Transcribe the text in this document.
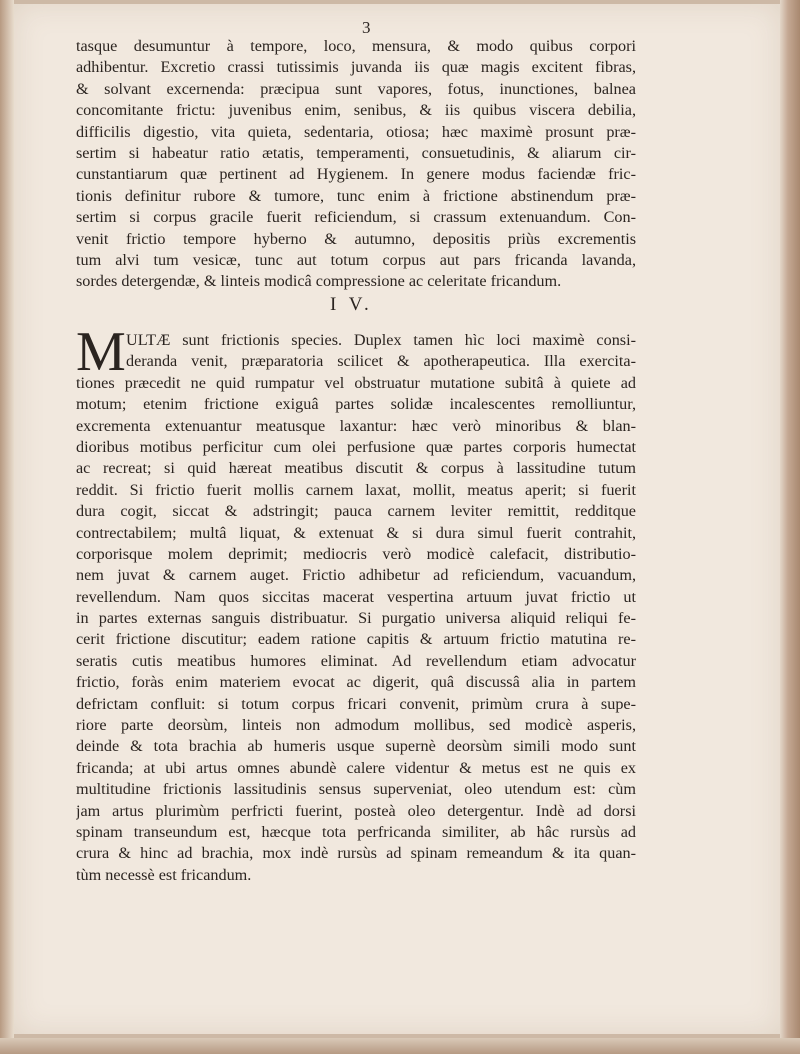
3
tasque desumuntur à tempore, loco, mensura, & modo quibus corpori
adhibentur. Excretio crassi tutissimis juvanda iis quæ magis excitent fibras,
& solvant excernenda: præcipua sunt vapores, fotus, inunctiones, balnea
concomitante frictu: juvenibus enim, senibus, & iis quibus viscera debilia,
difficilis digestio, vita quieta, sedentaria, otiosa; hæc maximè prosunt præ-
sertim si habeatur ratio ætatis, temperamenti, consuetudinis, & aliarum cir-
cunstantiarum quæ pertinent ad Hygienem. In genere modus faciendæ fric-
tionis definitur rubore & tumore, tunc enim à frictione abstinendum præ-
sertim si corpus gracile fuerit reficiendum, si crassum extenuandum. Con-
venit frictio tempore hyberno & autumno, depositis priùs excrementis
tum alvi tum vesicæ, tunc aut totum corpus aut pars fricanda lavanda,
sordes detergendæ, & linteis modicâ compressione ac celeritate fricandum.
I V.
M ULTÆ sunt frictionis species. Duplex tamen hìc loci maximè consi-
deranda venit, præparatoria scilicet & apotherapeutica. Illa exercita-
tiones præcedit ne quid rumpatur vel obstruatur mutatione subitâ à quiete ad
motum; etenim frictione exiguâ partes solidæ incalescentes remolliuntur,
excrementa extenuantur meatusque laxantur: hæc verò minoribus & blan-
dioribus motibus perficitur cum olei perfusione quæ partes corporis humectat
ac recreat; si quid hæreat meatibus discutit & corpus à lassitudine tutum
reddit. Si frictio fuerit mollis carnem laxat, mollit, meatus aperit; si fuerit
dura cogit, siccat & adstringit; pauca carnem leviter remittit, redditque
contrectabilem; multâ liquat, & extenuat & si dura simul fuerit contrahit,
corporisque molem deprimit; mediocris verò modicè calefacit, distributio-
nem juvat & carnem auget. Frictio adhibetur ad reficiendum, vacuandum,
revellendum. Nam quos siccitas macerat vespertina artuum juvat frictio ut
in partes externas sanguis distribuatur. Si purgatio universa aliquid reliqui fe-
cerit frictione discutitur; eadem ratione capitis & artuum frictio matutina re-
seratis cutis meatibus humores eliminat. Ad revellendum etiam advocatur
frictio, foràs enim materiem evocat ac digerit, quâ discussâ alia in partem
defrictam confluit: si totum corpus fricari convenit, primùm crura à supe-
riore parte deorsùm, linteis non admodum mollibus, sed modicè asperis,
deinde & tota brachia ab humeris usque supernè deorsùm simili modo sunt
fricanda; at ubi artus omnes abundè calere videntur & metus est ne quis ex
multitudine frictionis lassitudinis sensus superveniat, oleo utendum est: cùm
jam artus plurimùm perfricti fuerint, posteà oleo detergentur. Indè ad dorsi
spinam transeundum est, hæcque tota perfricanda similiter, ab hâc rursùs ad
crura & hinc ad brachia, mox indè rursùs ad spinam remeandum & ita quan-
tùm necessè est fricandum.
